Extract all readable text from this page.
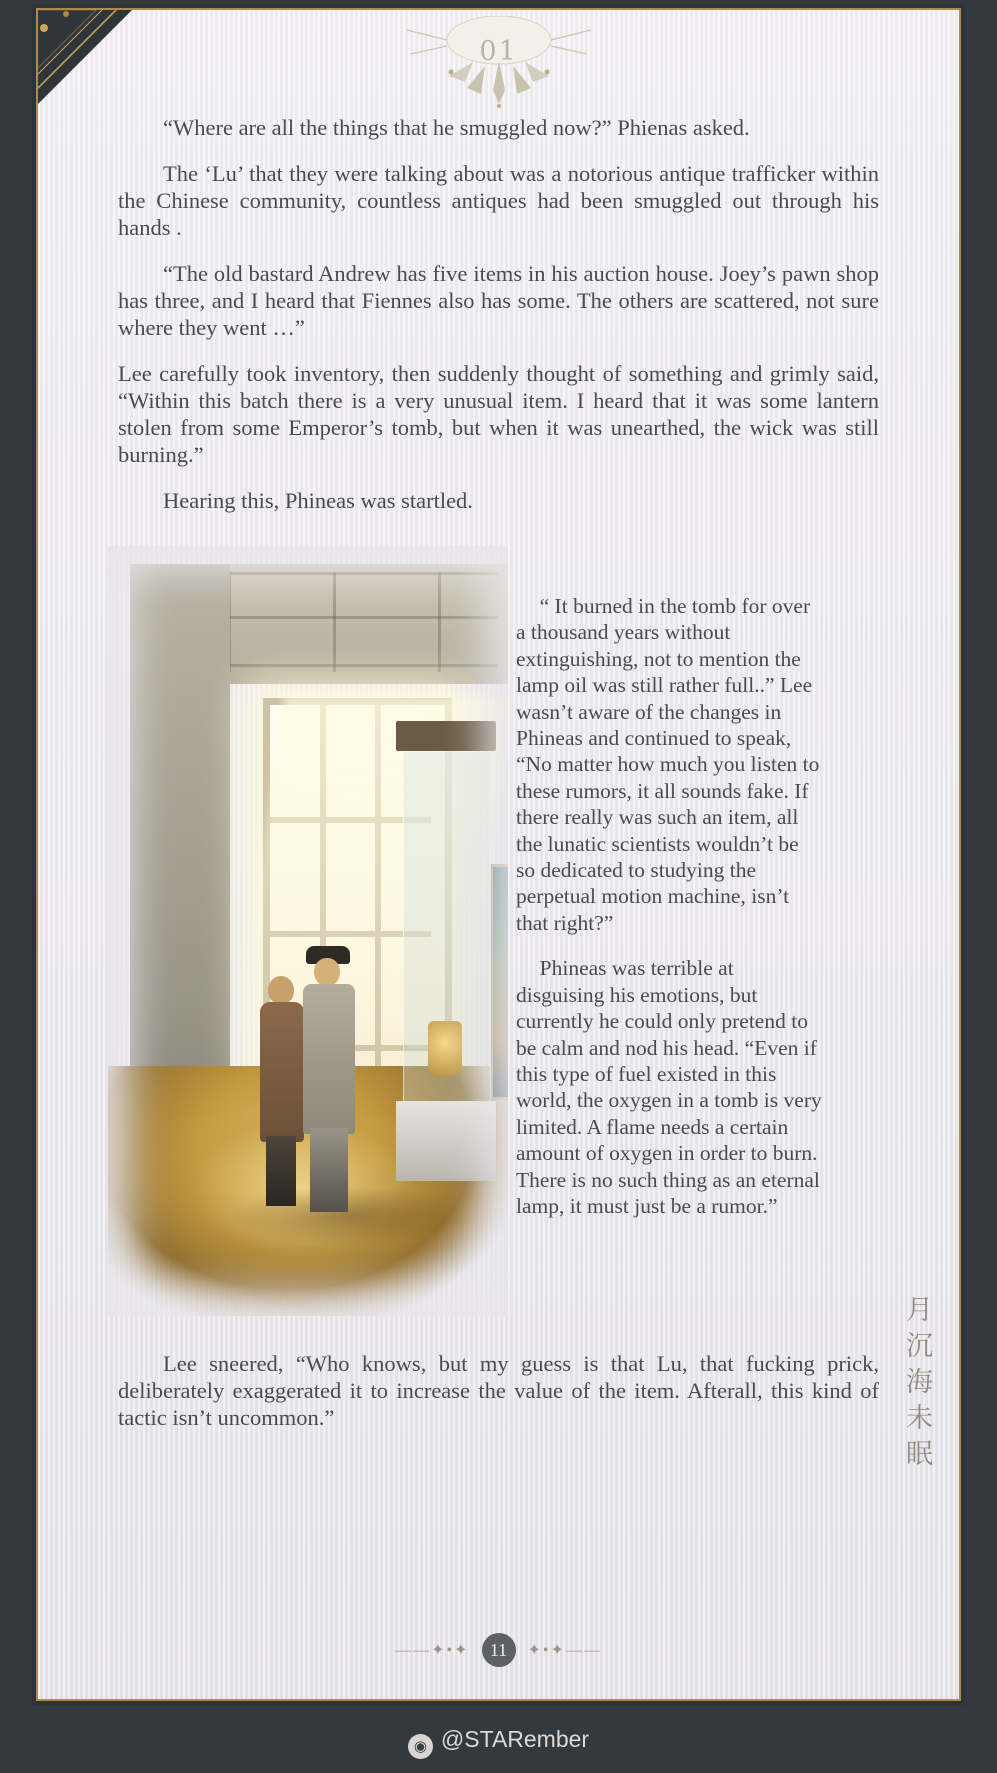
01

“Where are all the things that he smuggled now?” Phienas asked.

The ‘Lu’ that they were talking about was a notorious antique trafficker within the Chinese community, countless antiques had been smuggled out through his hands .

“The old bastard Andrew has five items in his auction house. Joey’s pawn shop has three, and I heard that Fiennes also has some. The others are scattered, not sure where they went …”

Lee carefully took inventory, then suddenly thought of something and grimly said, “Within this batch there is a very unusual item. I heard that it was some lantern stolen from some Emperor’s tomb, but when it was unearthed, the wick was still burning.”

Hearing this, Phineas was startled.

“ It burned in the tomb for over a thousand years without extinguishing, not to mention the lamp oil was still rather full..” Lee wasn’t aware of the changes in Phineas and continued to speak, “No matter how much you listen to these rumors, it all sounds fake. If there really was such an item, all the lunatic scientists wouldn’t be so dedicated to studying the perpetual motion machine, isn’t that right?”

Phineas was terrible at disguising his emotions, but currently he could only pretend to be calm and nod his head. “Even if this type of fuel existed in this world, the oxygen in a tomb is very limited. A flame needs a certain amount of oxygen in order to burn. There is no such thing as an eternal lamp, it must just be a rumor.”

Lee sneered, “Who knows, but my guess is that Lu, that fucking prick, deliberately exaggerated it to increase the value of the item. Afterall, this kind of tactic isn’t uncommon.”	月沉海未眠
——✦•✦ 11 ✦•✦——
◉ @STARember
